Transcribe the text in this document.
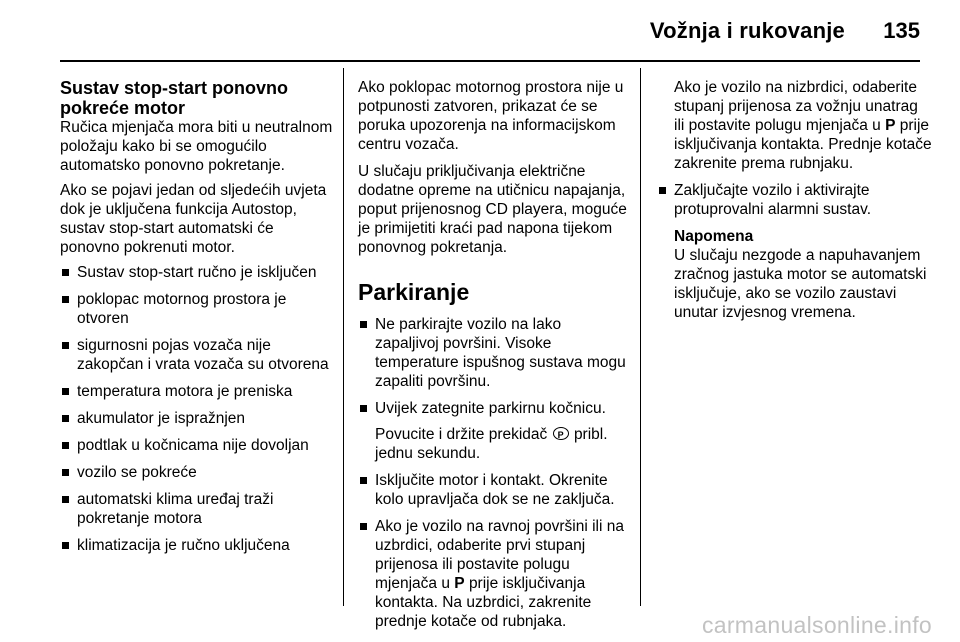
Vožnja i rukovanje 135
Sustav stop-start ponovno pokreće motor

Ručica mjenjača mora biti u neutralnom položaju kako bi se omogućilo automatsko ponovno pokretanje.

Ako se pojavi jedan od sljedećih uvjeta dok je uključena funkcija Autostop, sustav stop-start automatski će ponovno pokrenuti motor.

Sustav stop-start ručno je isključen
poklopac motornog prostora je otvoren
sigurnosni pojas vozača nije zakopčan i vrata vozača su otvorena
temperatura motora je preniska
akumulator je ispražnjen
podtlak u kočnicama nije dovoljan
vozilo se pokreće
automatski klima uređaj traži pokretanje motora
klimatizacija je ručno uključena

Ako poklopac motornog prostora nije u potpunosti zatvoren, prikazat će se poruka upozorenja na informacijskom centru vozača.

U slučaju priključivanja električne dodatne opreme na utičnicu napajanja, poput prijenosnog CD playera, moguće je primijetiti kraći pad napona tijekom ponovnog pokretanja.

Parkiranje
Ne parkirajte vozilo na lako zapaljivoj površini. Visoke temperature ispušnog sustava mogu zapaliti površinu.
Uvijek zategnite parkirnu kočnicu.
Povucite i držite prekidač P pribl. jednu sekundu.
Isključite motor i kontakt. Okrenite kolo upravljača dok se ne zaključa.
Ako je vozilo na ravnoj površini ili na uzbrdici, odaberite prvi stupanj prijenosa ili postavite polugu mjenjača u P prije isključivanja kontakta. Na uzbrdici, zakrenite prednje kotače od rubnjaka.
Ako je vozilo na nizbrdici, odaberite stupanj prijenosa za vožnju unatrag ili postavite polugu mjenjača u P prije isključivanja kontakta. Prednje kotače zakrenite prema rubnjaku.
Zaključajte vozilo i aktivirajte protuprovalni alarmni sustav.
Napomena
U slučaju nezgode a napuhavanjem zračnog jastuka motor se automatski isključuje, ako se vozilo zaustavi unutar izvjesnog vremena.
carmanualsonline.info
